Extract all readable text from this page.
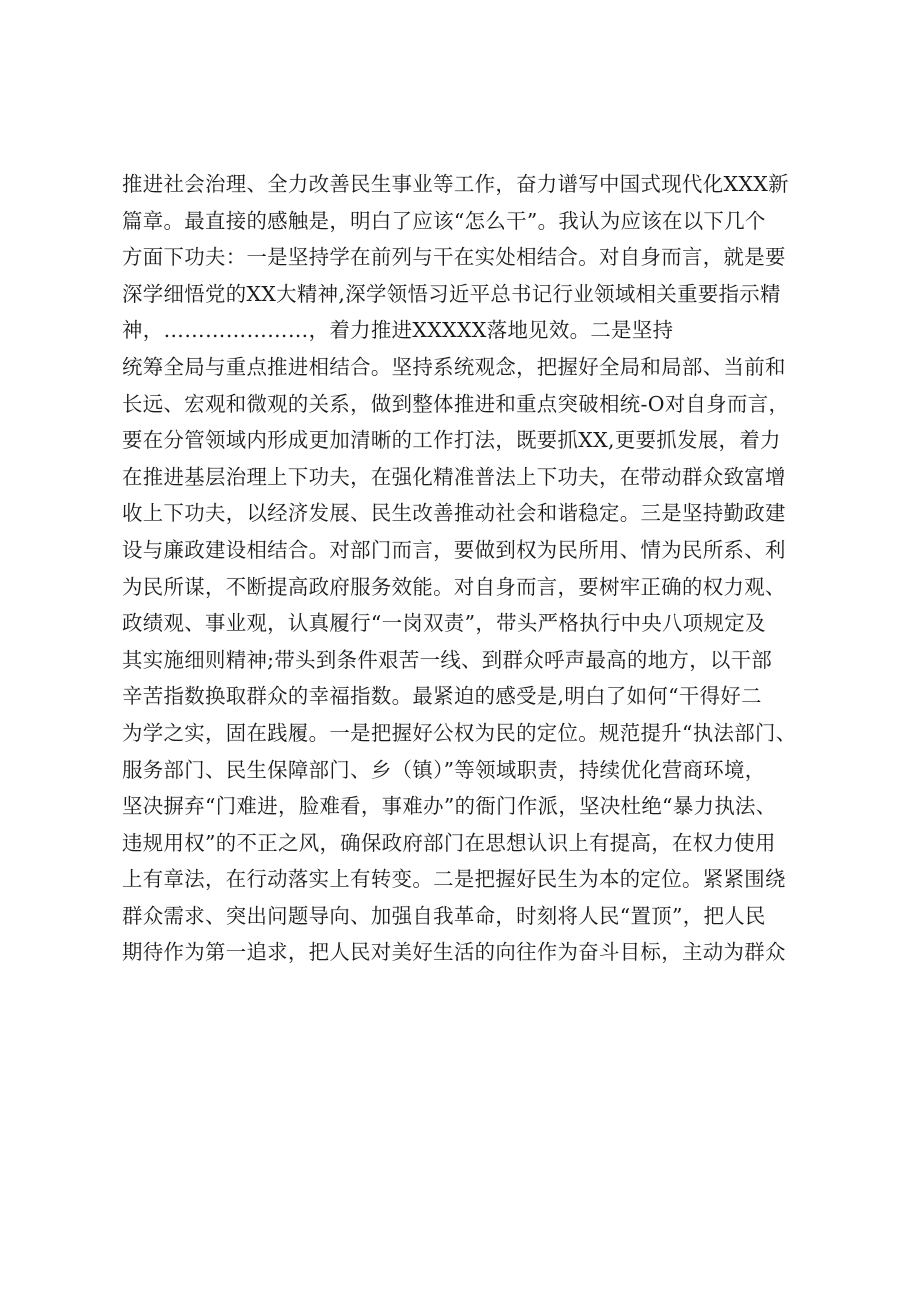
推进社会治理、全力改善民生事业等工作，奋力谱写中国式现代化XXX新
篇章。最直接的感触是，明白了应该“怎么干”。我认为应该在以下几个
方面下功夫：一是坚持学在前列与干在实处相结合。对自身而言，就是要
深学细悟党的XX大精神,深学领悟习近平总书记行业领域相关重要指示精
神，…………………，着力推进XXXXX落地见效。二是坚持
统筹全局与重点推进相结合。坚持系统观念，把握好全局和局部、当前和
长远、宏观和微观的关系，做到整体推进和重点突破相统-O对自身而言，
要在分管领域内形成更加清晰的工作打法，既要抓XX,更要抓发展，着力
在推进基层治理上下功夫，在强化精准普法上下功夫，在带动群众致富增
收上下功夫，以经济发展、民生改善推动社会和谐稳定。三是坚持勤政建
设与廉政建设相结合。对部门而言，要做到权为民所用、情为民所系、利
为民所谋，不断提高政府服务效能。对自身而言，要树牢正确的权力观、
政绩观、事业观，认真履行“一岗双责”，带头严格执行中央八项规定及
其实施细则精神;带头到条件艰苦一线、到群众呼声最高的地方，以干部
辛苦指数换取群众的幸福指数。最紧迫的感受是,明白了如何“干得好二
为学之实，固在践履。一是把握好公权为民的定位。规范提升“执法部门、
服务部门、民生保障部门、乡（镇）”等领域职责，持续优化营商环境，
坚决摒弃“门难进，脸难看，事难办”的衙门作派，坚决杜绝“暴力执法、
违规用权”的不正之风，确保政府部门在思想认识上有提高，在权力使用
上有章法，在行动落实上有转变。二是把握好民生为本的定位。紧紧围绕
群众需求、突出问题导向、加强自我革命，时刻将人民“置顶”，把人民
期待作为第一追求，把人民对美好生活的向往作为奋斗目标，主动为群众
